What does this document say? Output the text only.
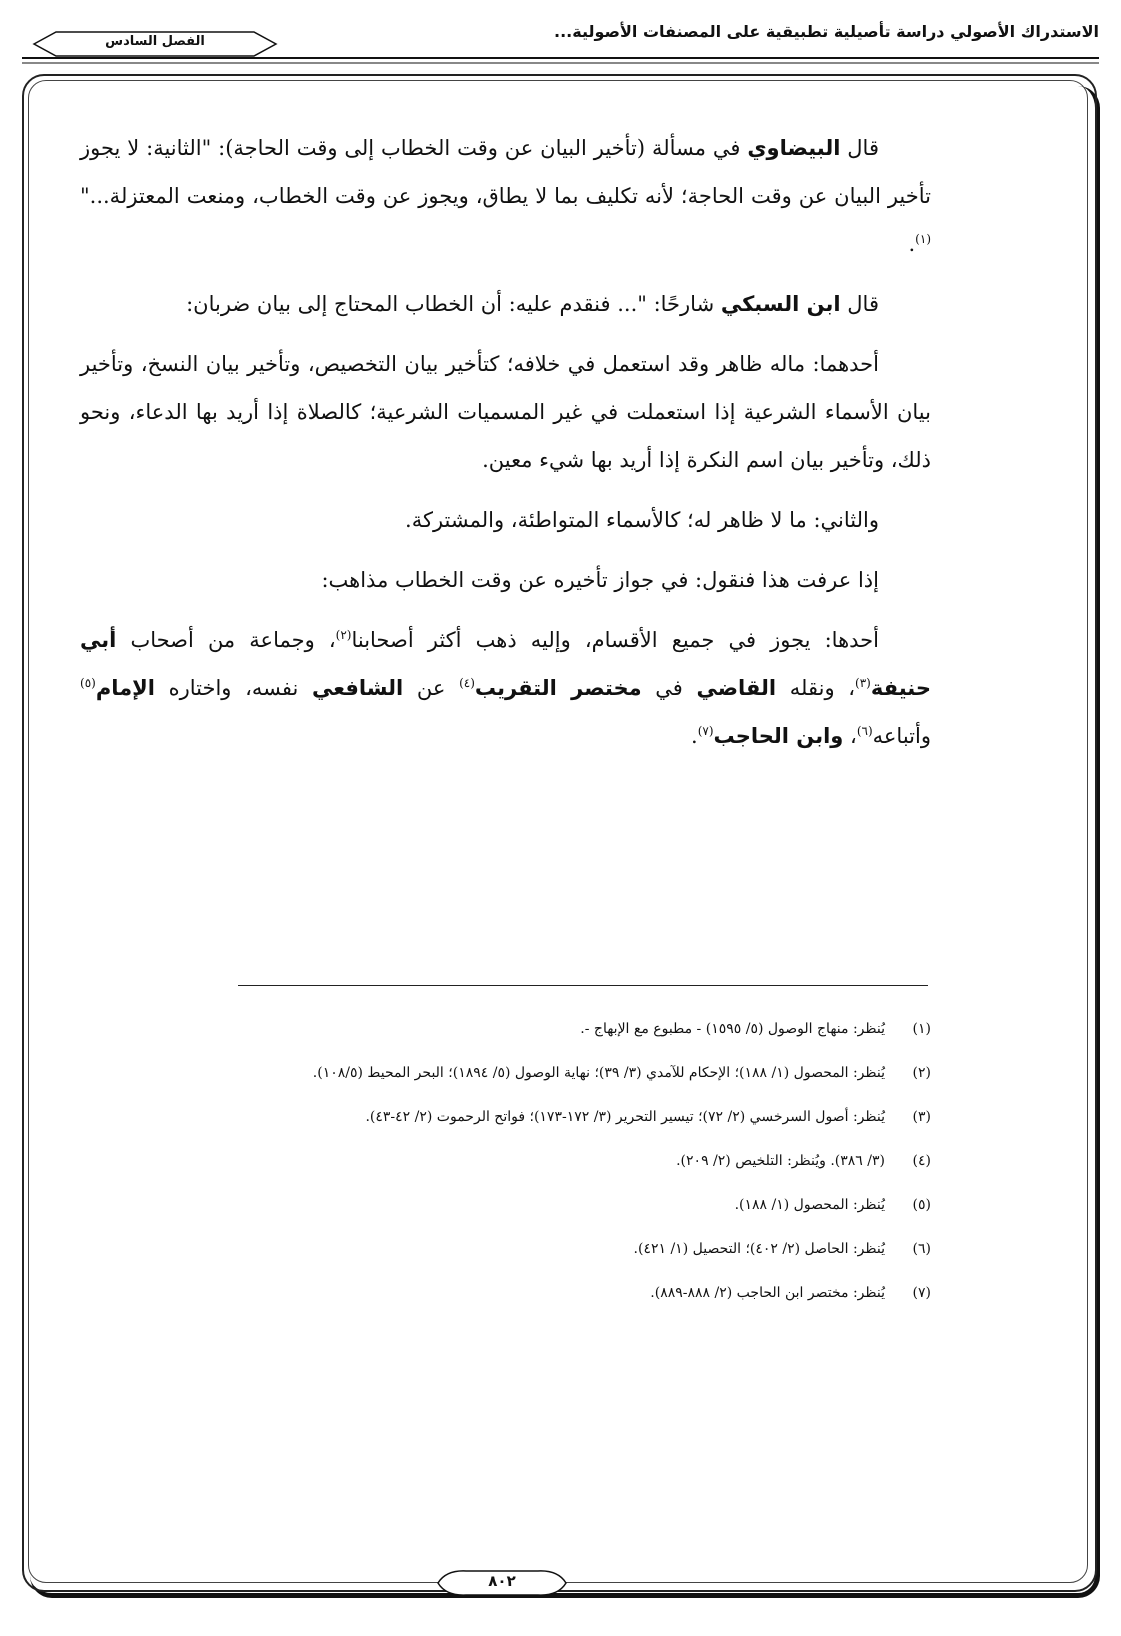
الاستدراك الأصولي دراسة تأصيلية تطبيقية على المصنفات الأصولية...
الفصل السادس

قال البيضاوي في مسألة (تأخير البيان عن وقت الخطاب إلى وقت الحاجة): "الثانية: لا يجوز تأخير البيان عن وقت الحاجة؛ لأنه تكليف بما لا يطاق، ويجوز عن وقت الخطاب، ومنعت المعتزلة..."$^{(١)}$.

قال ابن السبكي شارحًا: "... فنقدم عليه: أن الخطاب المحتاج إلى بيان ضربان:

أحدهما: ماله ظاهر وقد استعمل في خلافه؛ كتأخير بيان التخصيص، وتأخير بيان النسخ، وتأخير بيان الأسماء الشرعية إذا استعملت في غير المسميات الشرعية؛ كالصلاة إذا أريد بها الدعاء، ونحو ذلك، وتأخير بيان اسم النكرة إذا أريد بها شيء معين.

والثاني: ما لا ظاهر له؛ كالأسماء المتواطئة، والمشتركة.

إذا عرفت هذا فنقول: في جواز تأخيره عن وقت الخطاب مذاهب:

أحدها: يجوز في جميع الأقسام، وإليه ذهب أكثر أصحابنا$^{(٢)}$، وجماعة من أصحاب أبي حنيفة$^{(٣)}$، ونقله القاضي في مختصر التقريب$^{(٤)}$ عن الشافعي نفسه، واختاره الإمام$^{(٥)}$ وأتباعه$^{(٦)}$، وابن الحاجب$^{(٧)}$.

(١)
يُنظر: منهاج الوصول (٥/ ١٥٩٥) - مطبوع مع الإبهاج -.
(٢)
يُنظر: المحصول (١/ ١٨٨)؛ الإحكام للآمدي (٣/ ٣٩)؛ نهاية الوصول (٥/ ١٨٩٤)؛ البحر المحيط (١٠٨/٥).
(٣)
يُنظر: أصول السرخسي (٢/ ٧٢)؛ تيسير التحرير (٣/ ١٧٢-١٧٣)؛ فواتح الرحموت (٢/ ٤٢-٤٣).
(٤)
(٣/ ٣٨٦). ويُنظر: التلخيص (٢/ ٢٠٩).
(٥)
يُنظر: المحصول (١/ ١٨٨).
(٦)
يُنظر: الحاصل (٢/ ٤٠٢)؛ التحصيل (١/ ٤٢١).
(٧)
يُنظر: مختصر ابن الحاجب (٢/ ٨٨٨-٨٨٩).
٨٠٢
